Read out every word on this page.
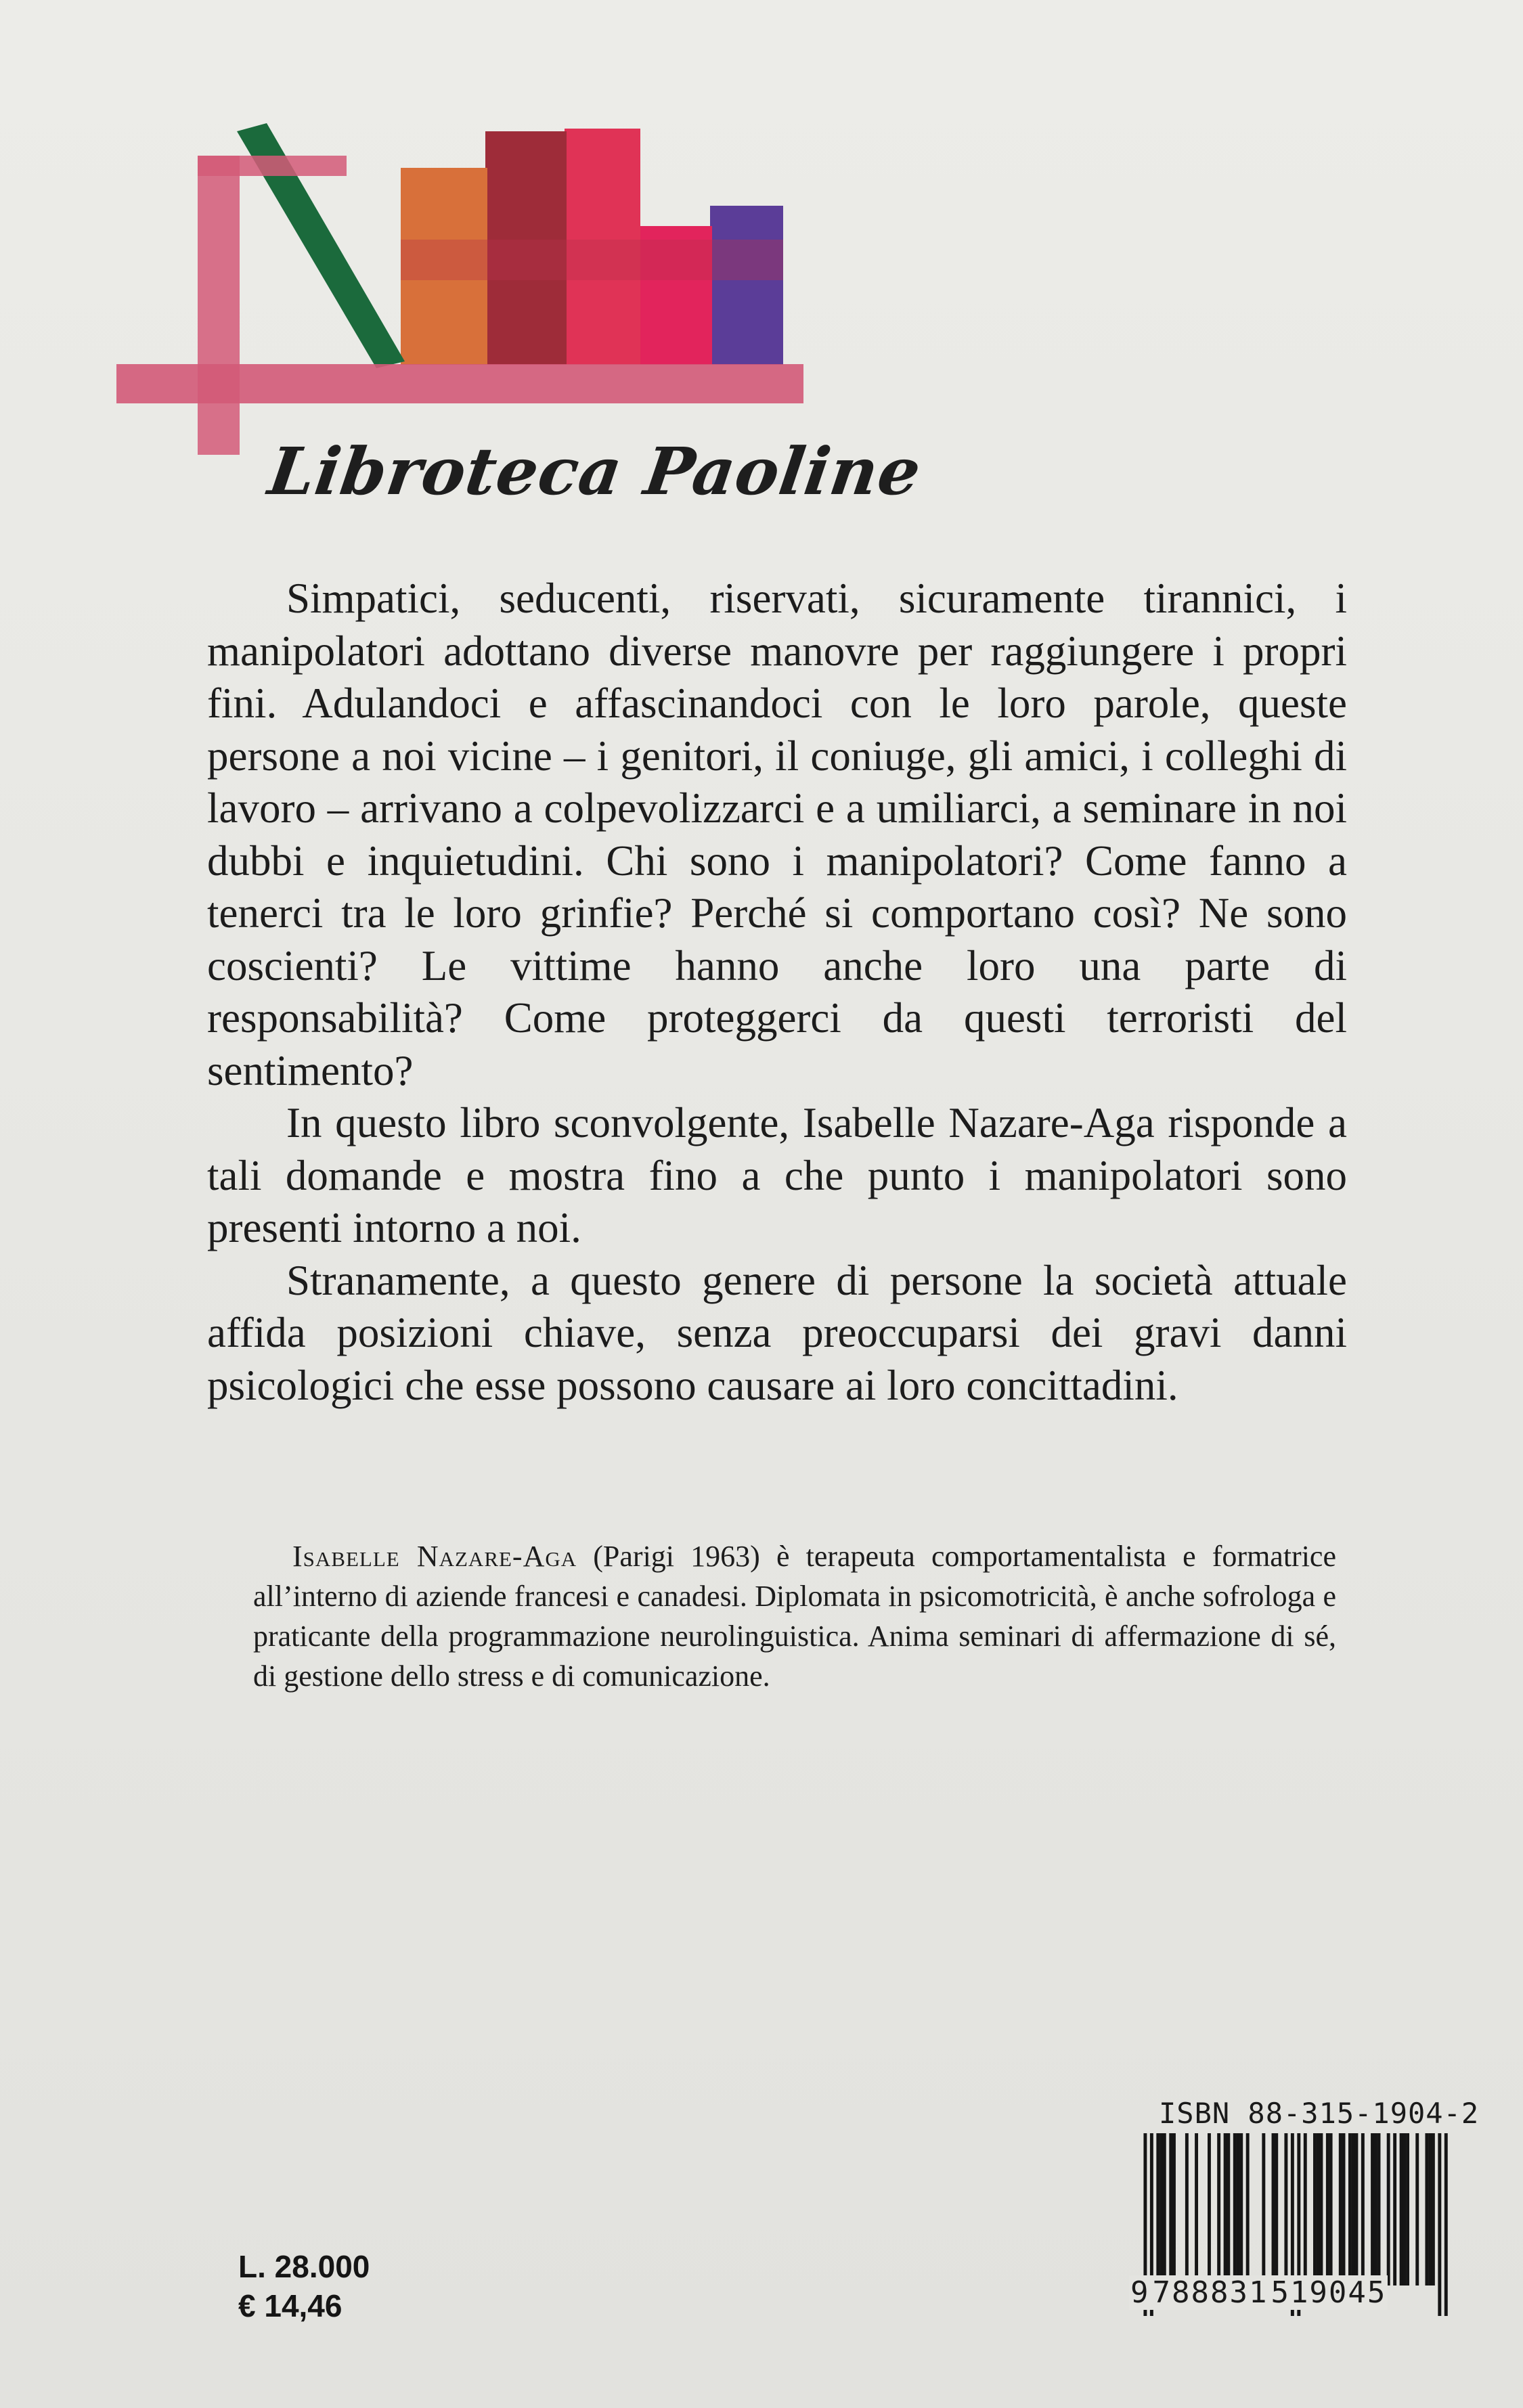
Libroteca Paoline

Simpatici, seducenti, riservati, sicuramente tirannici, i manipolatori adottano diverse manovre per raggiungere i propri fini. Adulandoci e affascinandoci con le loro parole, queste persone a noi vicine – i genitori, il coniuge, gli amici, i colleghi di lavoro – arrivano a colpevolizzarci e a umiliarci, a seminare in noi dubbi e inquietudini. Chi sono i manipolatori? Come fanno a tenerci tra le loro grinfie? Perché si comportano così? Ne sono coscienti? Le vittime hanno anche loro una parte di responsabilità? Come proteggerci da questi terroristi del sentimento?

In questo libro sconvolgente, Isabelle Nazare-Aga risponde a tali domande e mostra fino a che punto i manipolatori sono presenti intorno a noi.

Stranamente, a questo genere di persone la società attuale affida posizioni chiave, senza preoccuparsi dei gravi danni psicologici che esse possono causare ai loro concittadini.

Isabelle Nazare-Aga (Parigi 1963) è terapeuta comportamentalista e formatrice all’interno di aziende francesi e canadesi. Diplomata in psicomotricità, è anche sofrologa e praticante della programmazione neurolinguistica. Anima seminari di affermazione di sé, di gestione dello stress e di comunicazione.

L. 28.000
€ 14,46
ISBN 88-315-1904-2
9788831519045
